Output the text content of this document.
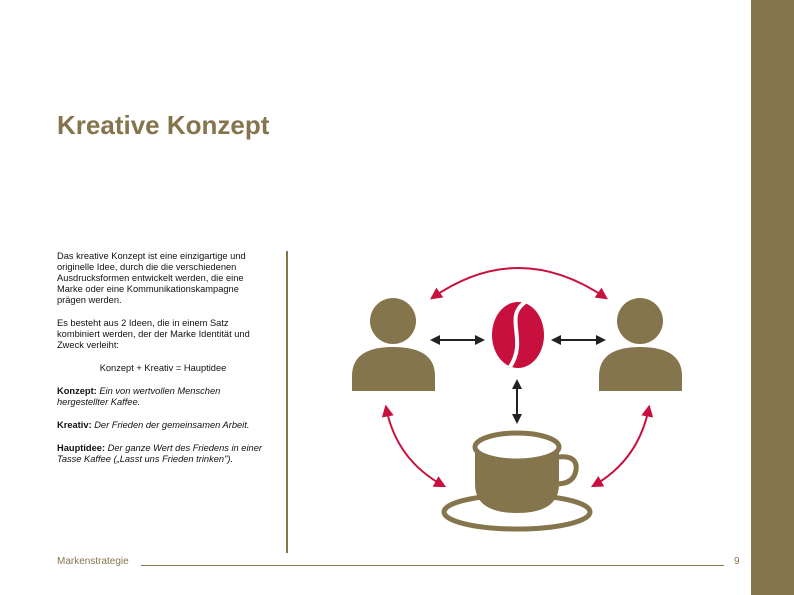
Kreative Konzept

Das kreative Konzept ist eine einzigartige und originelle Idee, durch die die verschiedenen Ausdrucksformen entwickelt werden, die eine Marke oder eine Kommunikationskampagne prägen werden.

Es besteht aus 2 Ideen, die in einem Satz kombiniert werden, der der Marke Identität und Zweck verleiht:

Konzept + Kreativ = Hauptidee

Konzept: Ein von wertvollen Menschen hergestellter Kaffee.

Kreativ: Der Frieden der gemeinsamen Arbeit.

Hauptidee: Der ganze Wert des Friedens in einer Tasse Kaffee („Lasst uns Frieden trinken").

Markenstrategie	9
